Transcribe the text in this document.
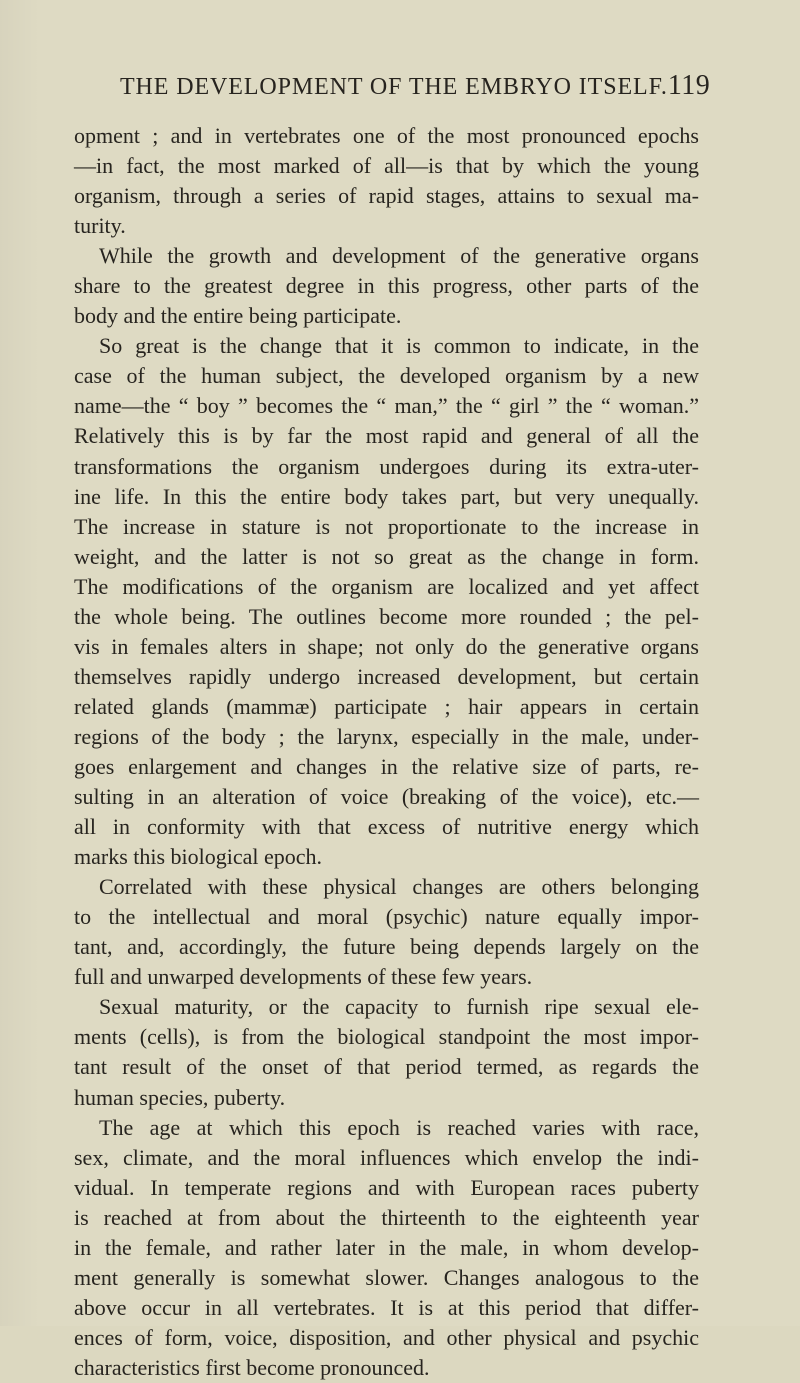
THE DEVELOPMENT OF THE EMBRYO ITSELF. 119
opment ; and in vertebrates one of the most pronounced epochs
—in fact, the most marked of all—is that by which the young
organism, through a series of rapid stages, attains to sexual ma-
turity.
While the growth and development of the generative organs
share to the greatest degree in this progress, other parts of the
body and the entire being participate.
So great is the change that it is common to indicate, in the
case of the human subject, the developed organism by a new
name—the “ boy ” becomes the “ man,” the “ girl ” the “ woman.”
Relatively this is by far the most rapid and general of all the
transformations the organism undergoes during its extra-uter-
ine life. In this the entire body takes part, but very unequally.
The increase in stature is not proportionate to the increase in
weight, and the latter is not so great as the change in form.
The modifications of the organism are localized and yet affect
the whole being. The outlines become more rounded ; the pel-
vis in females alters in shape; not only do the generative organs
themselves rapidly undergo increased development, but certain
related glands (mammæ) participate ; hair appears in certain
regions of the body ; the larynx, especially in the male, under-
goes enlargement and changes in the relative size of parts, re-
sulting in an alteration of voice (breaking of the voice), etc.—
all in conformity with that excess of nutritive energy which
marks this biological epoch.
Correlated with these physical changes are others belonging
to the intellectual and moral (psychic) nature equally impor-
tant, and, accordingly, the future being depends largely on the
full and unwarped developments of these few years.
Sexual maturity, or the capacity to furnish ripe sexual ele-
ments (cells), is from the biological standpoint the most impor-
tant result of the onset of that period termed, as regards the
human species, puberty.
The age at which this epoch is reached varies with race,
sex, climate, and the moral influences which envelop the indi-
vidual. In temperate regions and with European races puberty
is reached at from about the thirteenth to the eighteenth year
in the female, and rather later in the male, in whom develop-
ment generally is somewhat slower. Changes analogous to the
above occur in all vertebrates. It is at this period that differ-
ences of form, voice, disposition, and other physical and psychic
characteristics first become pronounced.
